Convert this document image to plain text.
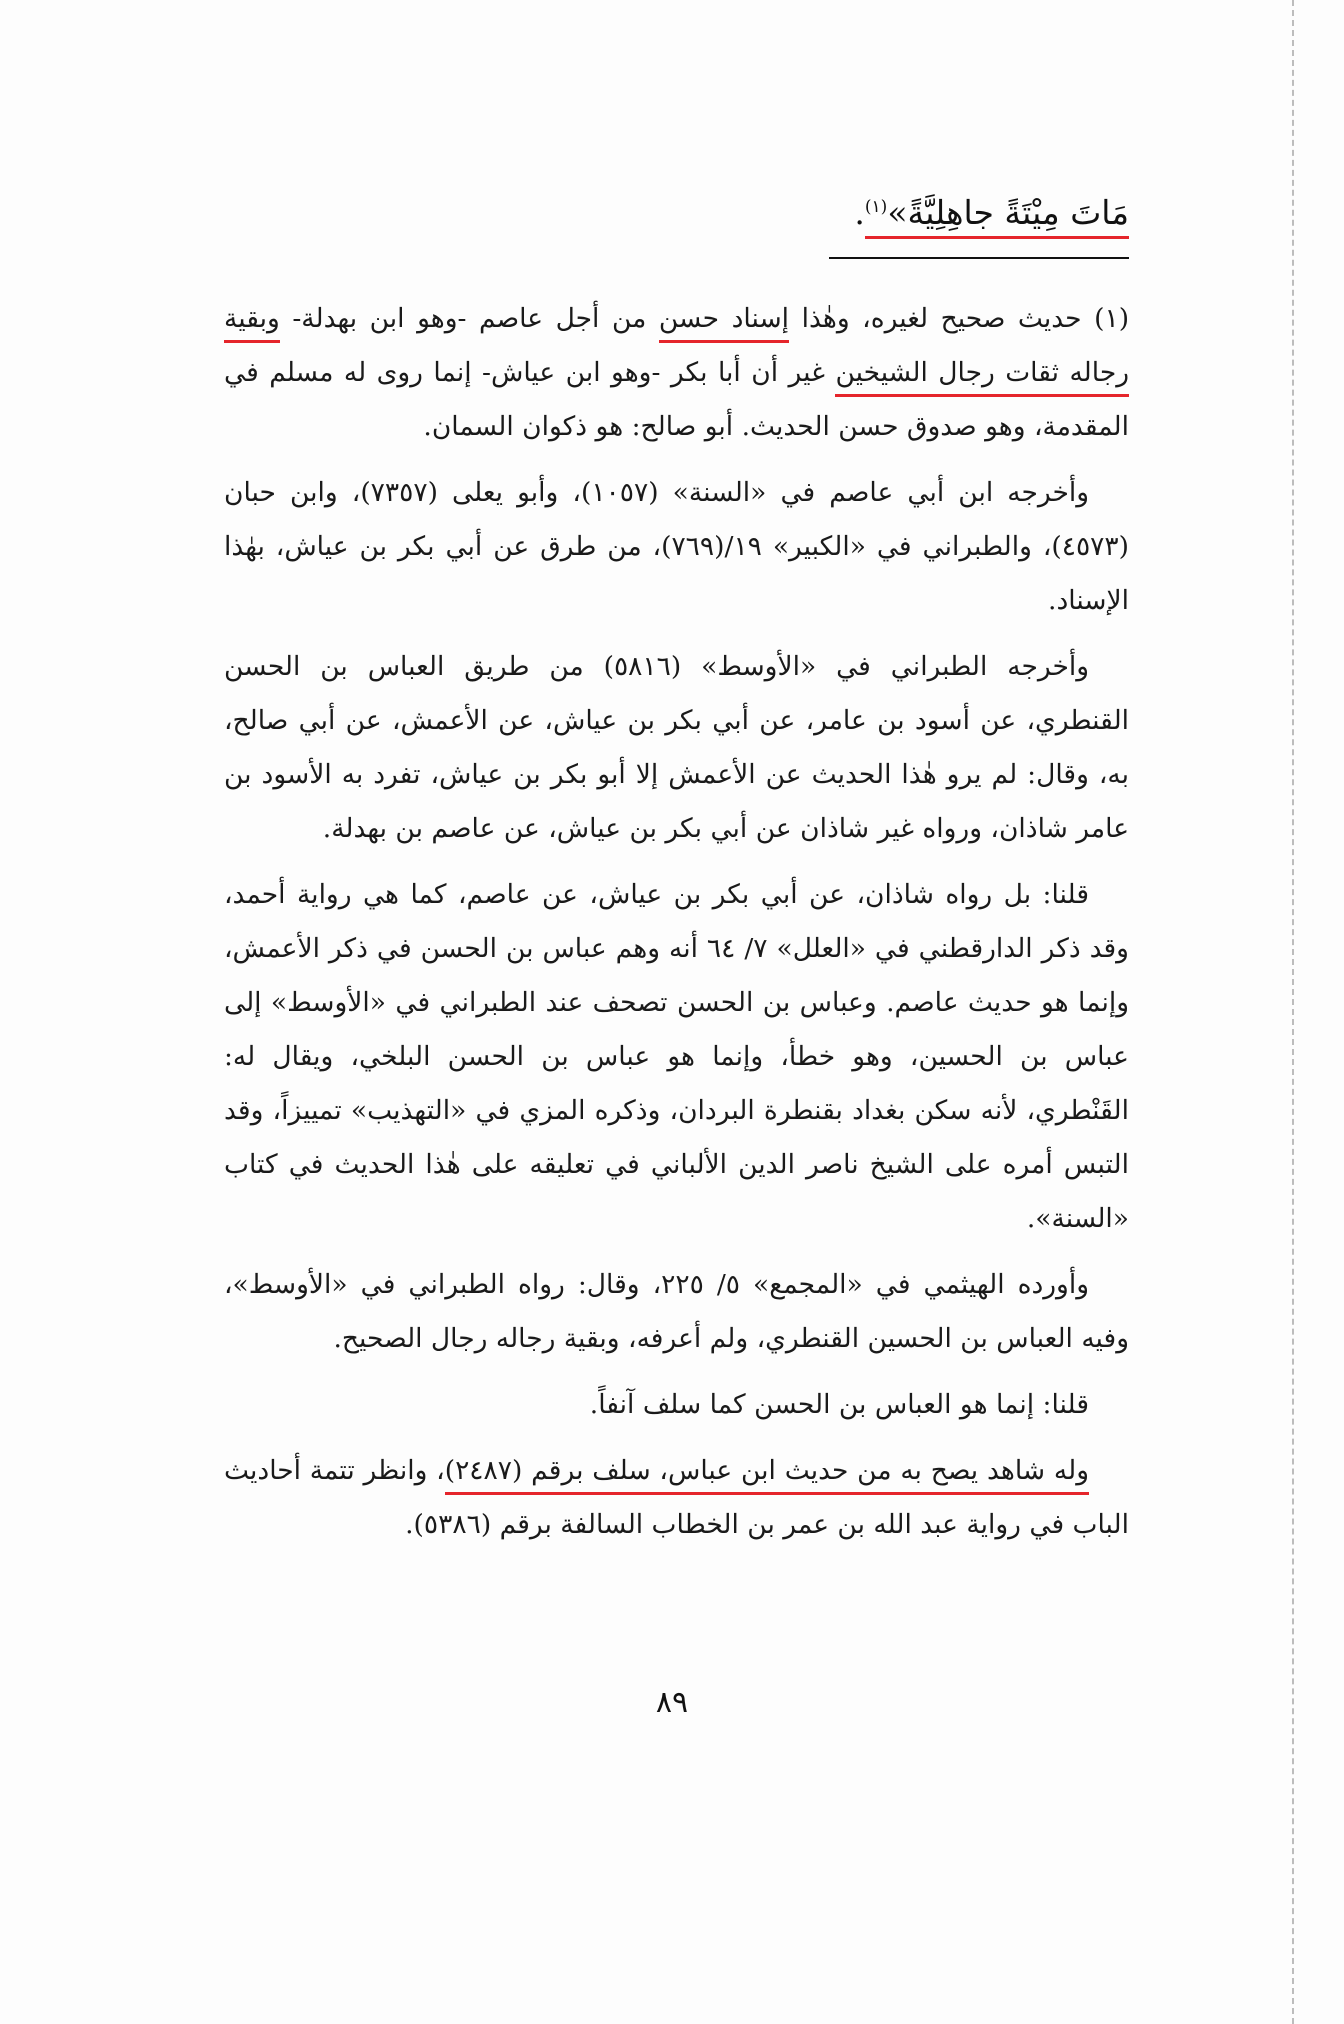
مَاتَ مِيْتَةً جاهِلِيَّةً»$^{(١)}$.

(١) حديث صحيح لغيره، وهٰذا إسناد حسن من أجل عاصم -وهو ابن بهدلة- وبقية رجاله ثقات رجال الشيخين غير أن أبا بكر -وهو ابن عياش- إنما روى له مسلم في المقدمة، وهو صدوق حسن الحديث. أبو صالح: هو ذكوان السمان.

وأخرجه ابن أبي عاصم في «السنة» (١٠٥٧)، وأبو يعلى (٧٣٥٧)، وابن حبان (٤٥٧٣)، والطبراني في «الكبير» ١٩/(٧٦٩)، من طرق عن أبي بكر بن عياش، بهٰذا الإسناد.

وأخرجه الطبراني في «الأوسط» (٥٨١٦) من طريق العباس بن الحسن القنطري، عن أسود بن عامر، عن أبي بكر بن عياش، عن الأعمش، عن أبي صالح، به، وقال: لم يرو هٰذا الحديث عن الأعمش إلا أبو بكر بن عياش، تفرد به الأسود بن عامر شاذان، ورواه غير شاذان عن أبي بكر بن عياش، عن عاصم بن بهدلة.

قلنا: بل رواه شاذان، عن أبي بكر بن عياش، عن عاصم، كما هي رواية أحمد، وقد ذكر الدارقطني في «العلل» ٧/ ٦٤ أنه وهم عباس بن الحسن في ذكر الأعمش، وإنما هو حديث عاصم. وعباس بن الحسن تصحف عند الطبراني في «الأوسط» إلى عباس بن الحسين، وهو خطأ، وإنما هو عباس بن الحسن البلخي، ويقال له: القَنْطري، لأنه سكن بغداد بقنطرة البردان، وذكره المزي في «التهذيب» تمييزاً، وقد التبس أمره على الشيخ ناصر الدين الألباني في تعليقه على هٰذا الحديث في كتاب «السنة».

وأورده الهيثمي في «المجمع» ٥/ ٢٢٥، وقال: رواه الطبراني في «الأوسط»، وفيه العباس بن الحسين القنطري، ولم أعرفه، وبقية رجاله رجال الصحيح.

قلنا: إنما هو العباس بن الحسن كما سلف آنفاً.

وله شاهد يصح به من حديث ابن عباس، سلف برقم (٢٤٨٧)، وانظر تتمة أحاديث الباب في رواية عبد الله بن عمر بن الخطاب السالفة برقم (٥٣٨٦).

٨٩
